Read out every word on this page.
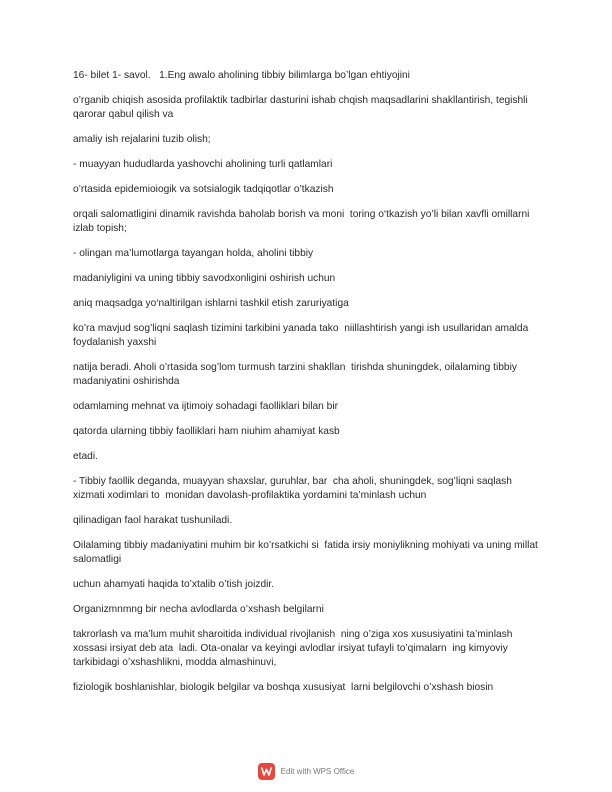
16- bilet 1- savol.   1.Eng awalo aholining tibbiy bilimlarga bo’lgan ehtiyojini

o’rganib chiqish asosida profilaktik tadbirlar dasturini ishab chqish maqsadlarini shakllantirish, tegishli qarorar qabul qilish va

amaliy ish rejalarini tuzib olish;

- muayyan hududlarda yashovchi aholining turli qatlamlari

o’rtasida epidemioiogik va sotsialogik tadqiqotlar o’tkazish

orqali salomatligini dinamik ravishda baholab borish va moni  toring o‘tkazish yo’li bilan xavfli omillarni izlab topish;

- olingan ma’lumotlarga tayangan holda, aholini tibbiy

madaniyligini va uning tibbiy savodxonligini oshirish uchun

aniq maqsadga yo‘naltirilgan ishlarni tashkil etish zaruriyatiga

ko’ra mavjud sog’liqni saqlash tizimini tarkibini yanada tako  niillashtirish yangi ish usullaridan amalda foydalanish yaxshi

natija beradi. Aholi o’rtasida sog’lom turmush tarzini shakllan  tirishda shuningdek, oilalaming tibbiy madaniyatini oshirishda

odamlaming mehnat va ijtimoiy sohadagi faolliklari bilan bir

qatorda ularning tibbiy faolliklari ham niuhim ahamiyat kasb

etadi.

- Tibbiy faollik deganda, muayyan shaxslar, guruhlar, bar  cha aholi, shuningdek, sog’liqni saqlash xizmati xodimlari to  monidan davolash-profilaktika yordamini ta’minlash uchun

qilinadigan faol harakat tushuniladi.

Oilalaming tibbiy madaniyatini muhim bir ko’rsatkichi si  fatida irsiy moniylikning mohiyati va uning millat salomatligi

uchun ahamyati haqida to’xtalib o’tish joizdir.

Organizmnmng bir necha avlodlarda o’xshash belgilarni

takrorlash va ma’lum muhit sharoitida individual rivojlanish  ning o’ziga xos xususiyatini ta’minlash xossasi irsiyat deb ata  ladi. Ota-onalar va keyingi avlodlar irsiyat tufayli to’qimalarn  ing kimyoviy tarkibidagi o’xshashlikni, modda almashinuvi,

fiziologik boshlanishlar, biologik belgilar va boshqa xususiyat  larni belgilovchi o’xshash biosin

Edit with WPS Office
